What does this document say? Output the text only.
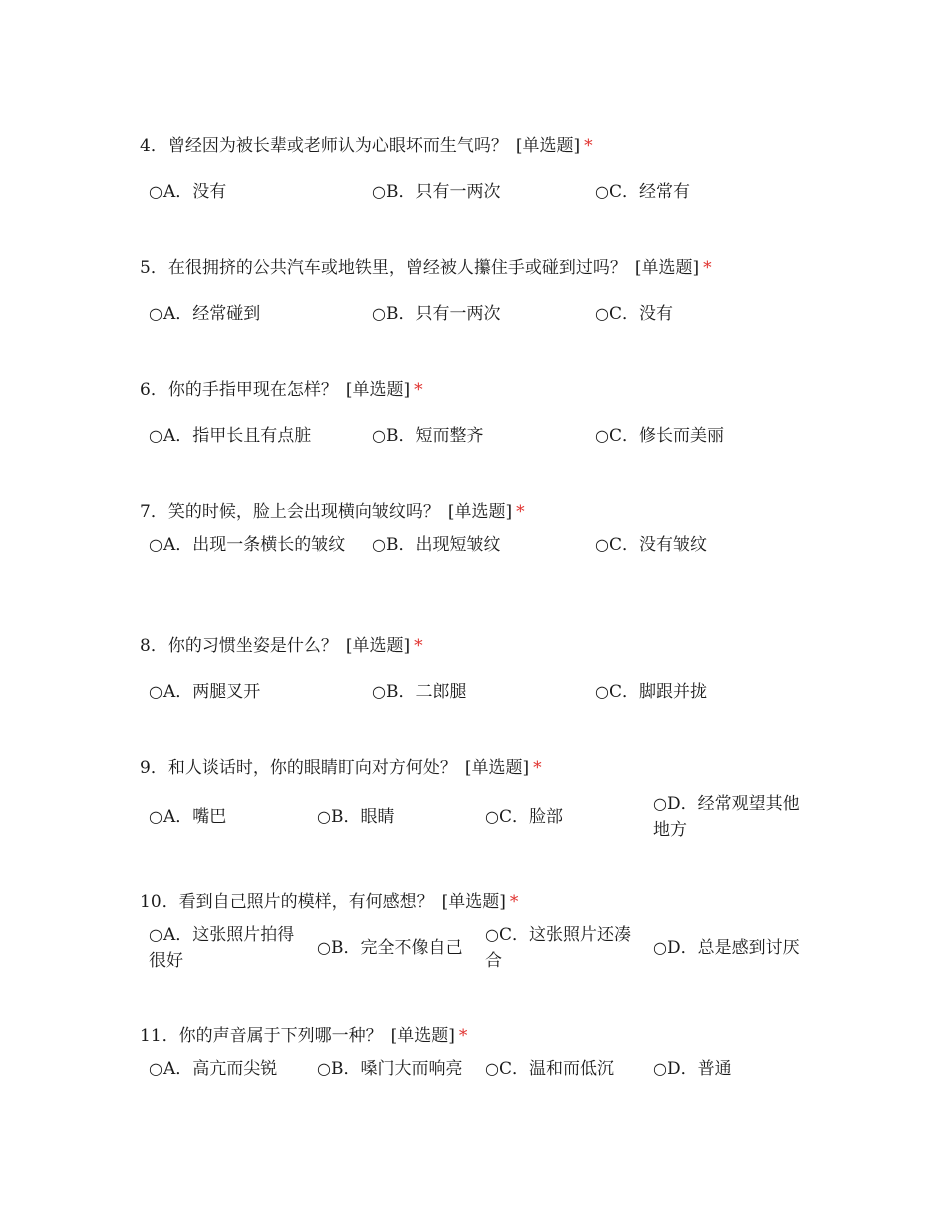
4．曾经因为被长辈或老师认为心眼坏而生气吗？ [单选题] *
○A．没有	○B．只有一两次	○C．经常有
5．在很拥挤的公共汽车或地铁里，曾经被人攥住手或碰到过吗？ [单选题] *
○A．经常碰到	○B．只有一两次	○C．没有
6．你的手指甲现在怎样？ [单选题] *
○A．指甲长且有点脏	○B．短而整齐	○C．修长而美丽
7．笑的时候，脸上会出现横向皱纹吗？ [单选题] *
○A．出现一条横长的皱纹	○B．出现短皱纹	○C．没有皱纹
8．你的习惯坐姿是什么？ [单选题] *
○A．两腿叉开	○B．二郎腿	○C．脚跟并拢
9．和人谈话时，你的眼睛盯向对方何处？ [单选题] *
○A．嘴巴	○B．眼睛	○C．脸部
○D．经常观望其他地方
10．看到自己照片的模样，有何感想？ [单选题] *
○A．这张照片拍得很好
○B．完全不像自己
○C．这张照片还凑合
○D．总是感到讨厌
11．你的声音属于下列哪一种？ [单选题] *
○A．高亢而尖锐	○B．嗓门大而响亮	○C．温和而低沉	○D．普通
